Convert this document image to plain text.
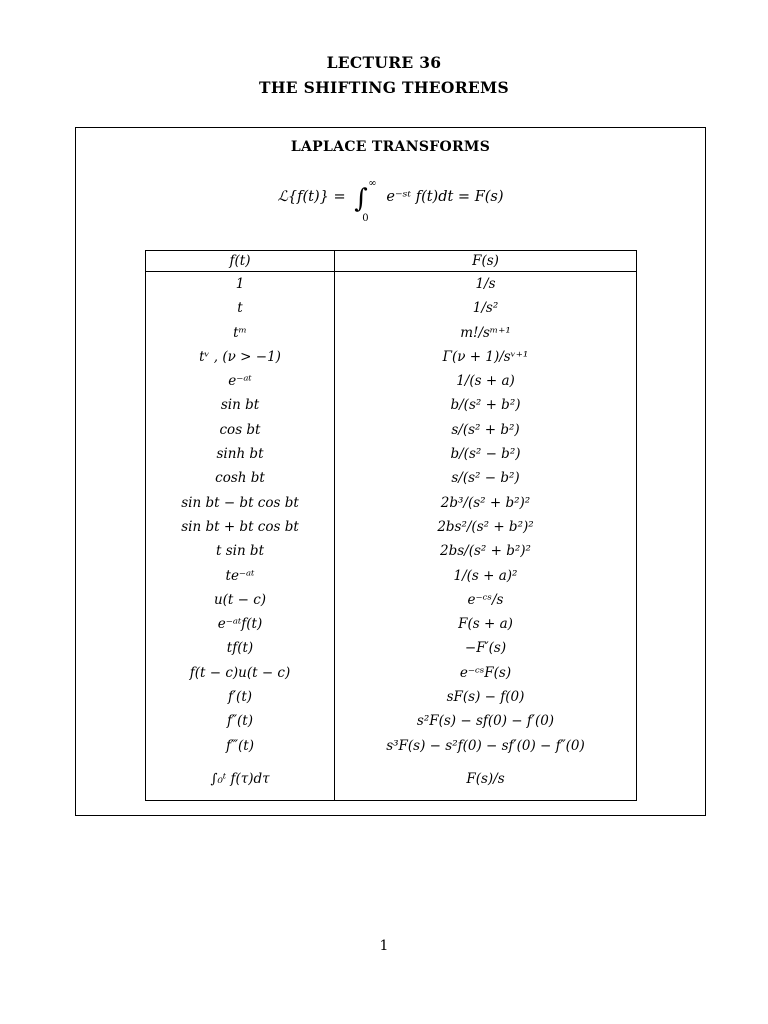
LECTURE 36
THE SHIFTING THEOREMS
LAPLACE TRANSFORMS
ℒ{f(t)} = ∫
∞
0
e⁻ˢᵗ f(t)dt = F(s)
f(t)	F(s)
1	1/s
t	1/s²
tᵐ	m!/sᵐ⁺¹
tᵛ , (ν > −1)	Γ(ν + 1)/sᵛ⁺¹
e⁻ᵃᵗ	1/(s + a)
sin bt	b/(s² + b²)
cos bt	s/(s² + b²)
sinh bt	b/(s² − b²)
cosh bt	s/(s² − b²)
sin bt − bt cos bt	2b³/(s² + b²)²
sin bt + bt cos bt	2bs²/(s² + b²)²
t sin bt	2bs/(s² + b²)²
te⁻ᵃᵗ	1/(s + a)²
u(t − c)	e⁻ᶜˢ/s
e⁻ᵃᵗf(t)	F(s + a)
tf(t)	−F′(s)
f(t − c)u(t − c)	e⁻ᶜˢF(s)
f′(t)	sF(s) − f(0)
f″(t)	s²F(s) − sf(0) − f′(0)
f‴(t)	s³F(s) − s²f(0) − sf′(0) − f″(0)
∫₀ᵗ f(τ)dτ	F(s)/s
1
